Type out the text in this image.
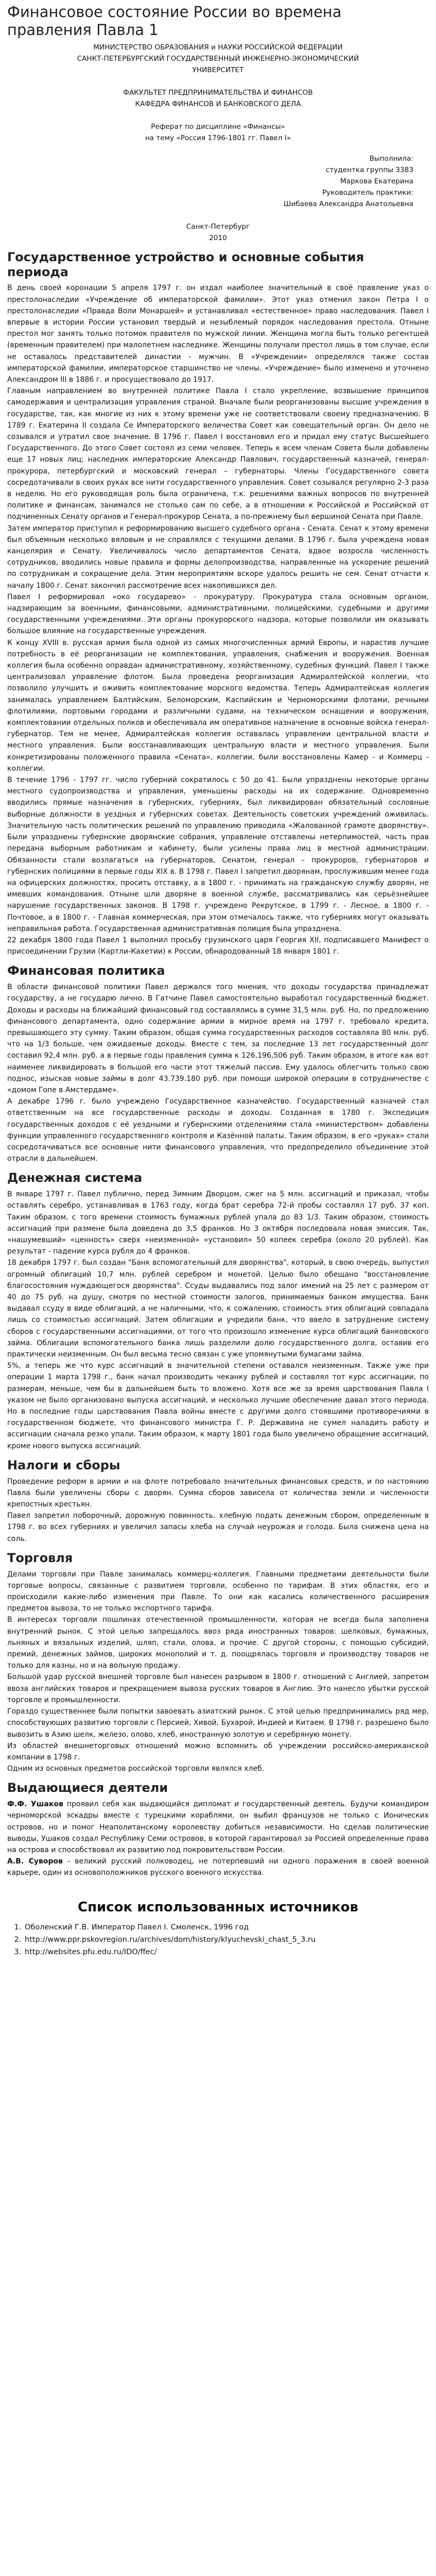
Финансовое состояние России во времена правления Павла 1
МИНИСТЕРСТВО ОБРАЗОВАНИЯ и НАУКИ РОССИЙСКОЙ ФЕДЕРАЦИИ
САНКТ-ПЕТЕРБУРГСКИЙ ГОСУДАРСТВЕННЫЙ ИНЖЕНЕРНО-ЭКОНОМИЧЕСКИЙ
УНИВЕРСИТЕТ
ФАКУЛЬТЕТ ПРЕДПРИНИМАТЕЛЬСТВА И ФИНАНСОВ
КАФЕДРА ФИНАНСОВ И БАНКОВСКОГО ДЕЛА
Реферат по дисциплине «Финансы»
на тему «Россия 1796-1801 гг. Павел I»
Выполнила:
студентка группы 3383
Маркова Екатерина
Руководитель практики:
Шибаева Александра Анатольевна
Санкт-Петербург
2010
Государственное устройство и основные события периода

В день своей коронации 5 апреля 1797 г. он издал наиболее значительный в своё правление указ о престолонаследии «Учреждение об императорской фамилии». Этот указ отменил закон Петра I о престолонаследии «Правда Воли Монаршей» и устанавливал «естественное» право наследования. Павел I впервые в истории России установил твердый и незыблемый порядок наследования престола. Отныне престол мог занять только потомок правителя по мужской линии. Женщина могла быть только регентшей (временным правителем) при малолетнем наследнике. Женщины получали престол лишь в том случае, если не оставалось представителей династии - мужчин. В «Учреждении» определялся также состав императорской фамилии, императорское старшинство не члены. «Учреждение» было изменено и уточнено Александром III в 1886 г. и просуществовало до 1917.

Главным направлением во внутренней политике Павла I стало укрепление, возвышение принципов самодержавия и централизация управления страной. Вначале были реорганизованы высшие учреждения в государстве, так, как многие из них к этому времени уже не соответствовали своему предназначению. В 1789 г. Екатерина II создала Се Императорского величества Совет как совещательный орган. Он дело не созывался и утратил свое значение. В 1796 г. Павел I восстановил его и придал ему статус Высшейшего Государственного. До этого Совет состоял из семи человек. Теперь к всем членам Совета были добавлены еще 17 новых лиц; наследник императорские Александр Павлович, государственный казначей, генерал- прокурора, петербургский и московский генерал – губернаторы. Члены Государственного совета сосредотачивали в своих руках все нити государственного управления. Совет созывался регулярно 2-3 раза в неделю. Но его руководящая роль была ограничена, т.к. решениями важных вопросов по внутренней политике и финансам, занимался не столько сам по себе, а в отношении к Российской и Российской от подчиненных Сенату органов и Генерал-прокурор Сената, а по-прежнему был вершиной Сената при Павле.

Затем император приступил к реформированию высшего судебного органа - Сената. Сенат к этому времени был объемным несколько вяловым и не справлялся с текущими делами. В 1796 г. была учреждена новая канцелярия и Сенату. Увеличивалось число департаментов Сената, вдвое возросла численность сотрудников, вводились новые правила и формы делопроизводства, направленные на ускорение решений по сотрудникам и сокращение дела. Этим мероприятиям вскоре удалось решить не сем. Сенат отчасти к началу 1800 г. Сенат закончил рассмотрение всех накопившихся дел.

Павел I реформировал «око государево» - прокуратуру. Прокуратура стала основным органом, надзирающим за военными, финансовыми, административными, полицейскими, судебными и другими государственными учреждениями. Эти органы прокурорского надзора, которые позволили им оказывать большое влияние на государственные учреждения.

К концу XVIII в. русская армия была одной из самых многочисленных армий Европы, и нарастив лучшие потребность в её реорганизации не комплектования, управления, снабжения и вооружения. Военная коллегия была особенно оправдан административному, хозяйственному, судебных функций. Павел I также централизовал управление флотом. Была проведена реорганизация Адмиралтейской коллегии, что позволило улучшить и оживить комплектование морского ведомства. Теперь Адмиралтейская коллегия занималась управлением Балтийским, Беломорским, Каспийским и Черноморскими флотами, речными флотилиями, портовыми городами и различными судами, на техническом оснащении и вооружения, комплектовании отдельных полков и обеспечивала им оперативное назначение в основные войска генерал-губернатор. Тем не менее, Адмиралтейская коллегия оставалась управлении центральной власти и местного управления. Были восстанавливающих центральную власти и местного управления. Были конкретизированы положенного правила «Сената», коллегии, были восстановлены Камер - и Коммерц - коллегии.

В течение 1796 - 1797 гг. число губерний сократилось с 50 до 41. Были упразднены некоторые органы местного судопроизводства и управления, уменьшены расходы на их содержание. Одновременно вводились прямые назначения в губернских, губерниях, был ликвидирован обязательный сословные выборные должности в уездных и губернских советах. Деятельность советских учреждений оживилась. Значительную часть политических решений по управлению приводила «Жалованной грамоте дворянству». Были упразднены губернские дворянские собрания, управление отставлены нетерпимостей, часть прав передана выборным работникам и кабинету, были усилены права лиц в местной администрации. Обязанности стали возлагаться на губернаторов, Сенатом, генерал – прокуроров, губернаторов и губернских полициями в первые годы XIX в. В 1798 г. Павел I запретил дворянам, прослужившим менее года на офицерских должностях, просить отставку, а в 1800 г. - принимать на гражданскую службу дворян, не имевших командования. Отныне шли дворяне в военной службе, рассматривались как серьёзнейшее нарушение государственных законов. В 1798 г. учреждено Рекрутское, в 1799 г. - Лесное, в 1800 г. - Почтовое, а в 1800 г. - Главная коммерческая, при этом отмечалось также, что губерниях могут оказывать неправильная работа. Государственная административная полиция была упразднена.

22 декабря 1800 года Павел 1 выполнил просьбу грузинского царя Георгия XII, подписавшего Манифест о присоединении Грузии (Картли-Кахетии) к России, обнародованный 18 января 1801 г.

Финансовая политика

В области финансовой политики Павел держался того мнения, что доходы государства принадлежат государству, а не государю лично. В Гатчине Павел самостоятельно выработал государственный бюджет. Доходы и расходы на ближайший финансовый год составлялись в сумме 31,5 млн. руб. Но, по предложению финансового департамента, одно содержание армии в мирное время на 1797 г. требовало кредита, превышающего эту сумму. Таким образом, общая сумма государственных расходов составляла 80 млн. руб. что на 1/3 больше, чем ожидаемые доходы. Вместе с тем, за последние 13 лет государственный долг составил 92,4 млн. руб. а в первые годы правления сумма к 126,196,506 руб. Таким образом, в итоге как вот наименее ликвидировать в большой его части этот тяжелый пассив. Ему удалось облегчить только свою поднос, изыскав новые займы в долг 43.739.180 руб. при помощи широкой операции в сотрудничестве с «домом Гопе в Амстердаме».

А декабре 1796 г. было учреждено Государственное казначейство. Государственный казначей стал ответственным на все государственные расходы и доходы. Созданная в 1780 г. Экспедиция государственных доходов с её уездными и губернскими отделениями стала «министерством» добавлены функции управленного государственного контроля и Казённой палаты. Таким образом, в его «руках» стали сосредотачиваться все основные нити финансового управления, что предопределило объединение этой отрасли в дальнейшем.

Денежная система

В январе 1797 г. Павел публично, перед Зимним Дворцом, сжег на 5 млн. ассигнаций и приказал, чтобы оставлять серебро, устанавливая в 1763 году, когда брат серебра 72-й пробы составлял 17 руб. 37 коп. Таким образом, с того времени стоимость бумажных рублей упала до 83 1/3. Таким образом, стоимость ассигнаций при размене была доведена до 3,5 франков. Но 3 октября последовала новая эмиссия. Так, «нашумевший» «ценность» сверх «неизменной» «установил» 50 копеек серебра (около 20 рублей). Как результат - падение курса рубля до 4 франков.

18 декабря 1797 г. был создан "Банк вспомогательный для дворянства", который, в свою очередь, выпустил огромный облигаций 10,7 млн. рублей серебром и монетой. Целью было обещано "восстановление благосостояния нуждающегося дворянства". Ссуды выдавались под залог имений на 25 лет с размером от 40 до 75 руб. на душу, смотря по местной стоимости залогов, принимаемых банком имущества. Банк выдавал ссуду в виде облигаций, а не наличными, что, к сожалению, стоимость этих облигаций совпадала лишь со стоимостью ассигнаций. Затем облигации и учредили банк, что ввело в затруднение систему сборов с государственными ассигнациями, от того что произошло изменение курса облигаций банковского займа. Облигации вспомогательного банка лишь разделили долю государственного долга, оставив его практически неизменным. Он был весьма тесно связан с уже упомянутыми бумагами займа.

5%, а теперь же что курс ассигнаций в значительной степени оставался неизменным. Также уже при операции 1 марта 1798 г., банк начал производить чеканку рублей и составлял тот курс ассигнации, по размерам, меньше, чем бы в дальнейшем быть то вложено. Хотя все же за время царствования Павла I указом не было организовано выпуска ассигнаций, и несколько лучшие обеспечение давал этого периода. Но в последние годы царствования Павла войны вместе с другими долго стоявшими противоречиями в государственном бюджете, что финансового министра Г. Р. Державина не сумел наладить работу и ассигнации сначала резко упали. Таким образом, к марту 1801 года было увеличено обращение ассигнаций, кроме нового выпуска ассигнаций.

Налоги и сборы

Проведение реформ в армии и на флоте потребовало значительных финансовых средств, и по настоянию Павла были увеличены сборы с дворян. Сумма сборов зависела от количества земли и численности крепостных крестьян.

Павел запретил поборочный, дорожную повинность, хлебную подать денежным сбором, определенным в 1798 г. во всех губерниях и увеличил запасы хлеба на случай неурожая и голода. Была снижена цена на соль.

Торговля

Делами торговли при Павле занималась коммерц-коллегия. Главными предметами деятельности были торговые вопросы, связанные с развитием торговли, особенно по тарифам. В этих областях, его и происходили какие-либо изменения при Павле. То они как касались количественного расширения предметов вывоза, то не только экспортного тарифа.

В интересах торговли пошлинах отечественной промышленности, которая не всегда была заполнена внутренний рынок. С этой целью запрещалось ввоз ряда иностранных товаров: шелковых, бумажных, льняных и вязальных изделий, шляп, стали, олова, и прочие. С другой стороны, с помощью субсидий, премий, денежных займов, широких монополий и т. д. поощрялась торговля и производству товаров не только для казны, но и на вольную продажу.

Большой удар русской внешней торговле был нанесен разрывом в 1800 г. отношений с Англией, запретом ввоза английских товаров и прекращением вывоза русских товаров в Англию. Это нанесло убытки русской торговле и промышленности.

Гораздо существеннее были попытки завоевать азиатский рынок. С этой целью предпринимались ряд мер, способствующих развитию торговли с Персией, Хивой, Бухарой, Индией и Китаем. В 1798 г. разрешено было вывозить в Азию шелк, железо, олово, хлеб, иностранную золотую и серебряную монету.

Из областей внешнеторговых отношений можно вспомнить об учреждении российско-американской компании в 1798 г.

Одним из основных предметов российской торговли являлся хлеб.

Выдающиеся деятели

Ф.Ф. Ушаков проявил себя как выдающийся дипломат и государственный деятель. Будучи командиром черноморской эскадры вместе с турецкими кораблями, он выбил французов не только с Ионических островов, но и помог Неаполитанскому королевству добиться независимости. Но сделав политические выводы, Ушаков создал Республику Семи островов, в которой гарантировал за Россией определенные права на острова и способствовал их развитию под покровительством России.

А.В. Суворов - великий русский полководец, не потерпевший ни одного поражения в своей военной карьере, один из основоположников русского военного искусства.

Список использованных источников
1. Оболенский Г.В. Император Павел I. Смоленск, 1996 год
2. http://www.ppr.pskovregion.ru/archives/dom/history/klyuchevski_chast_5_3.ru
3. http://websites.pfu.edu.ru/IDO/ffec/
